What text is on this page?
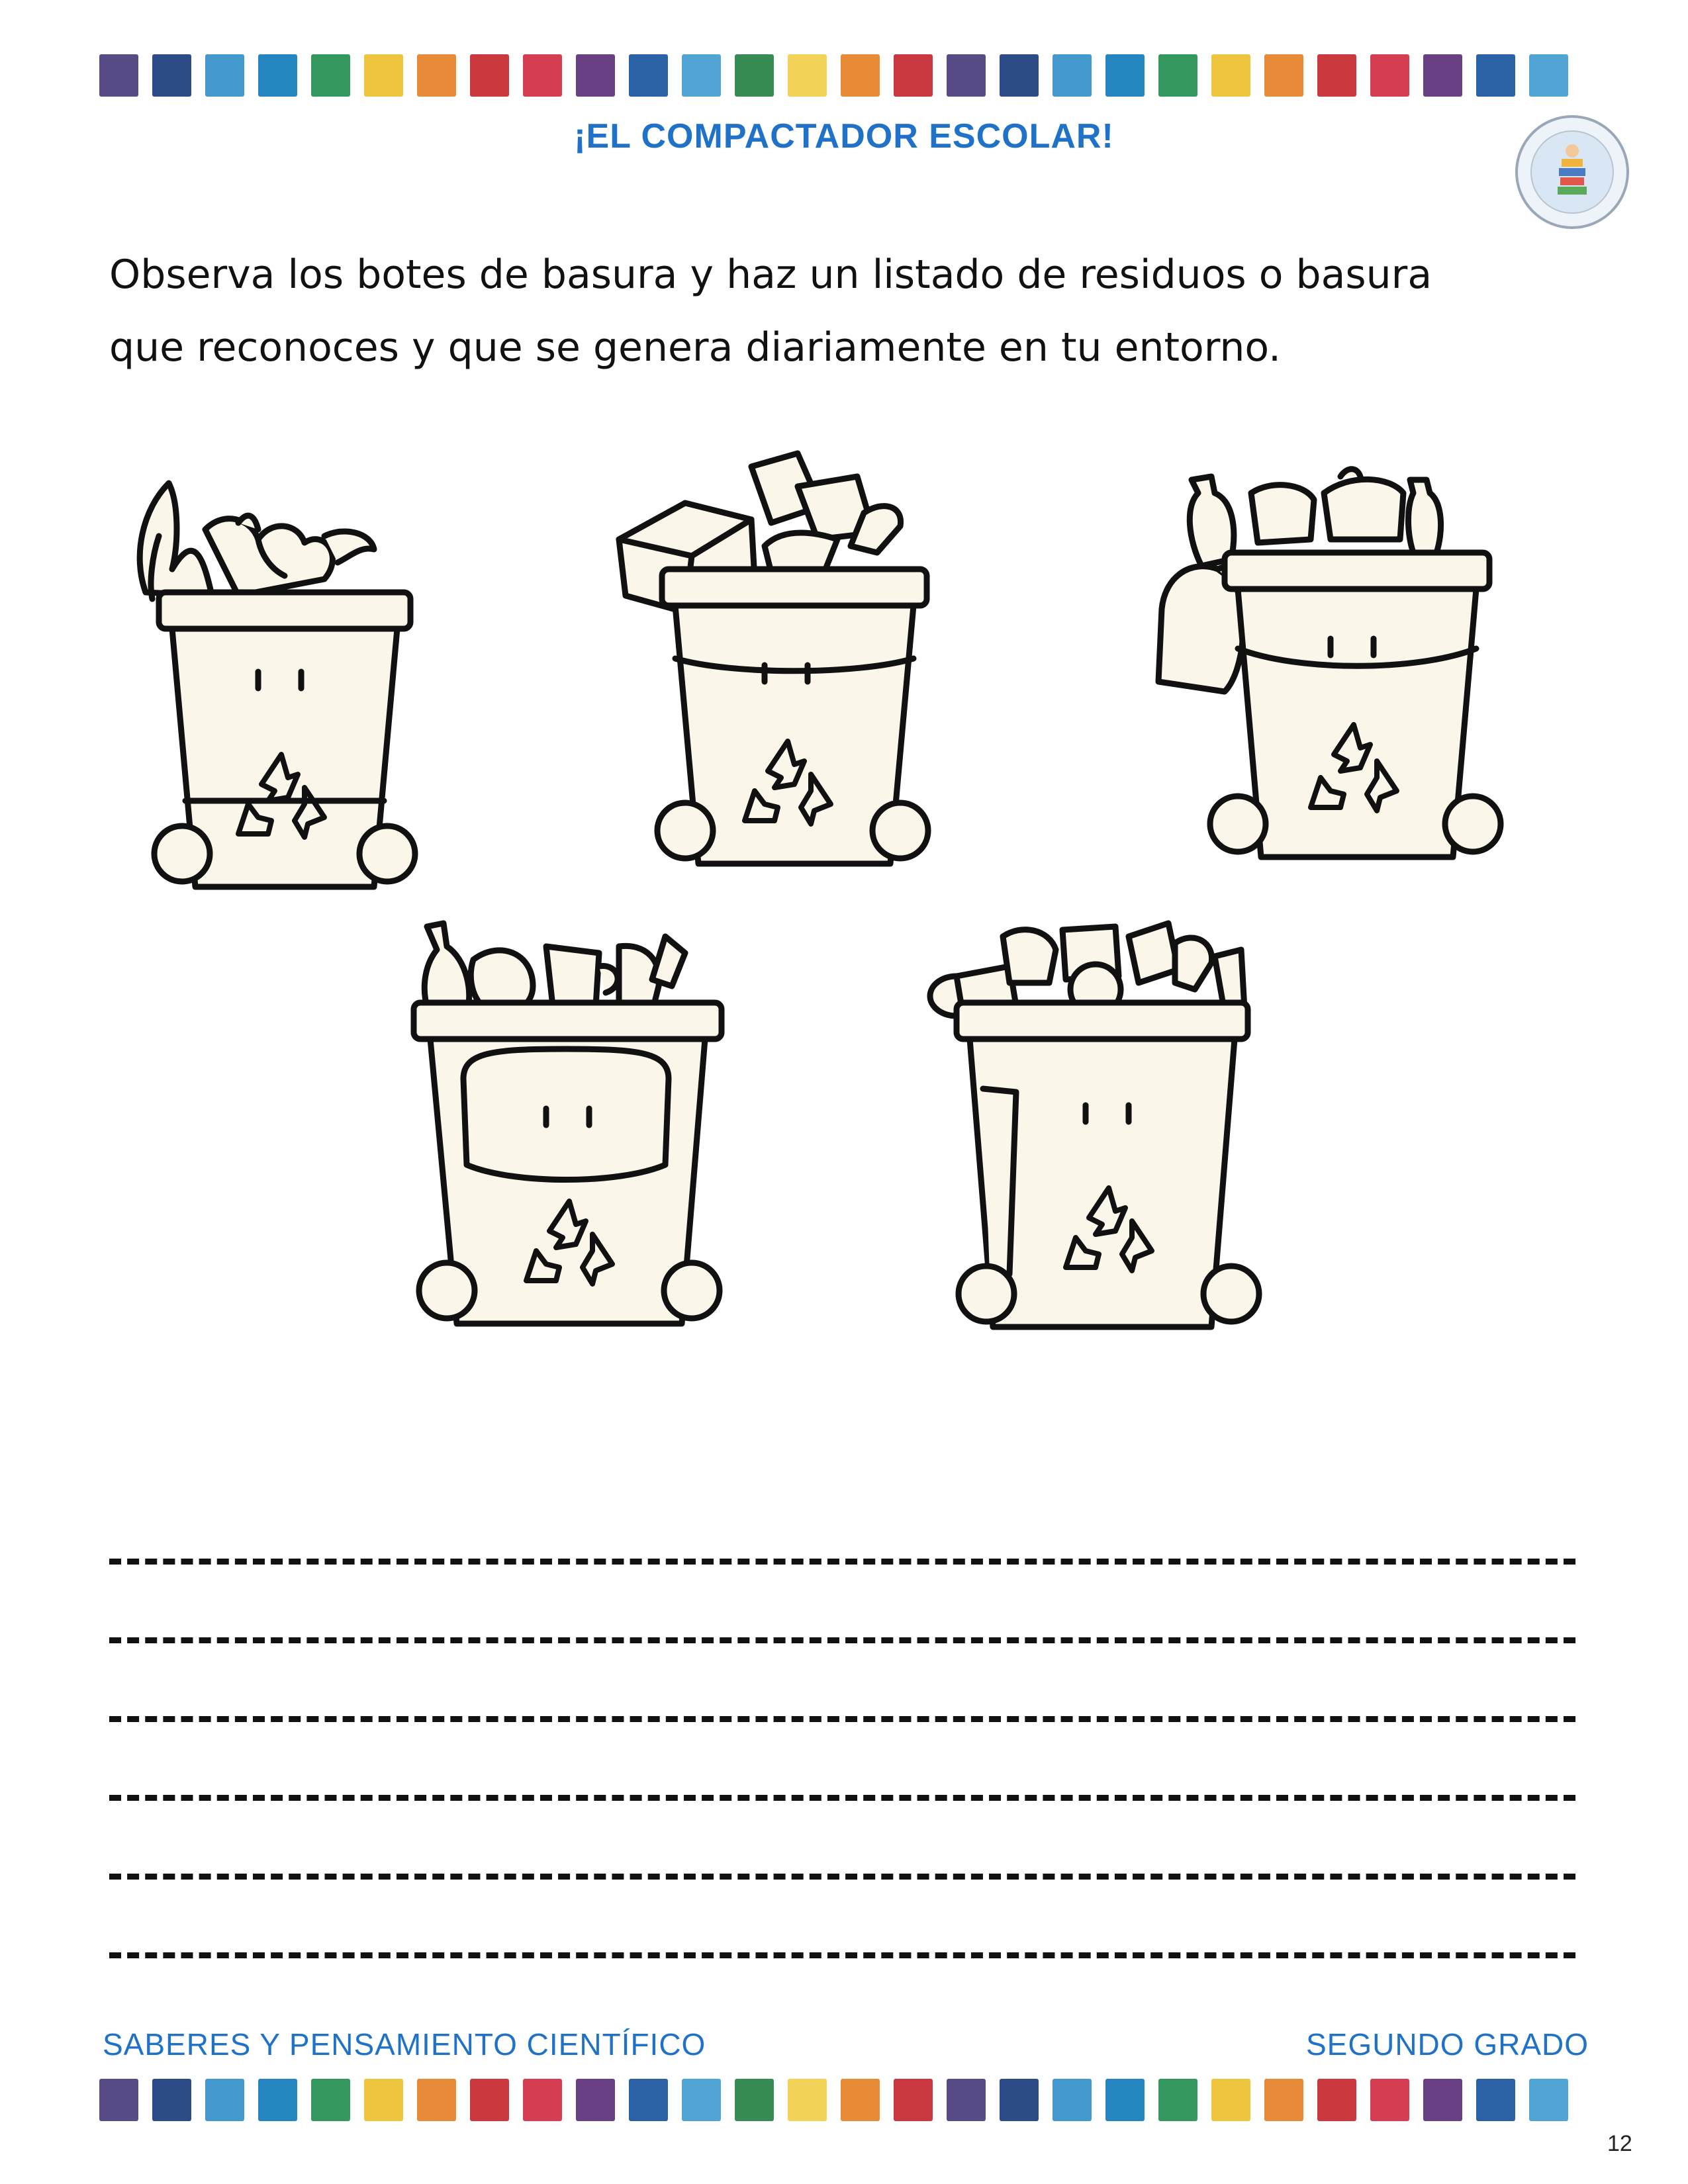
¡EL COMPACTADOR ESCOLAR!
Observa los botes de basura y haz un listado de residuos o basura
que reconoces y que se genera diariamente en tu entorno.
SABERES Y PENSAMIENTO CIENTÍFICO	SEGUNDO GRADO
12
